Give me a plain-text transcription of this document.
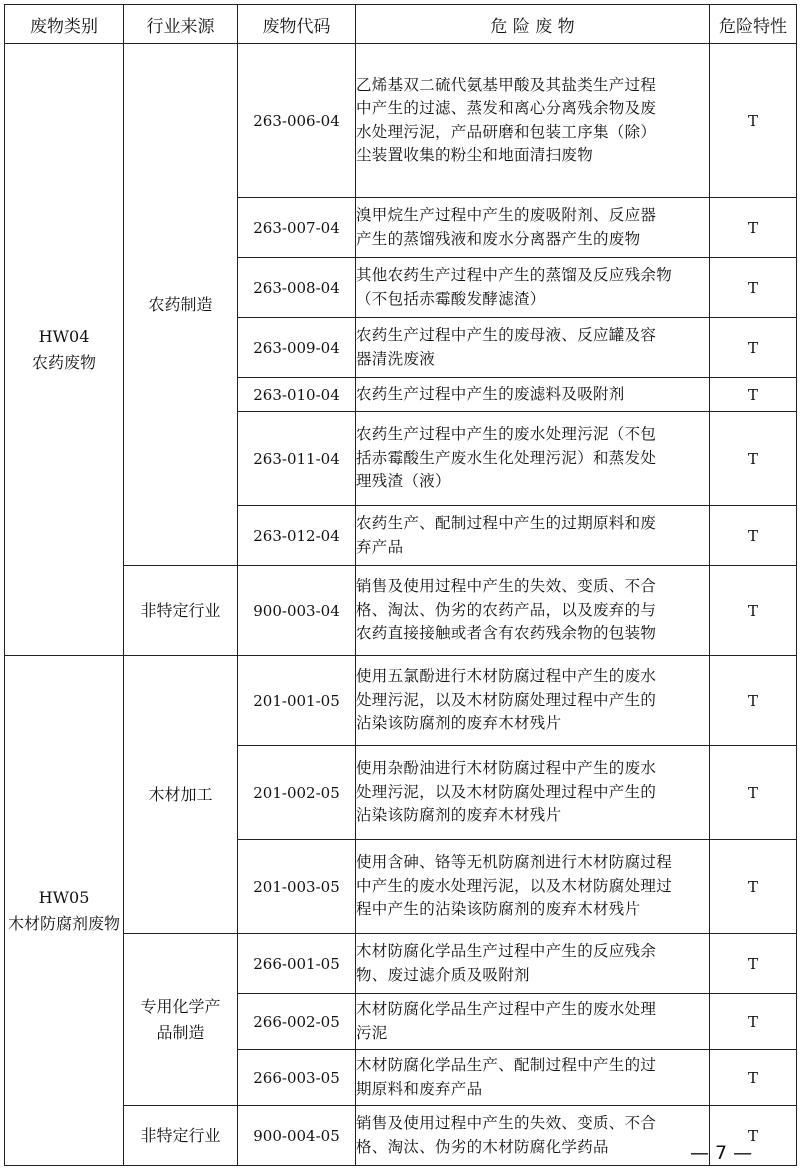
废物类别	行业来源	废物代码	危 险 废 物	危险特性

HW04
农药废物	农药制造	263-006-04	乙烯基双二硫代氨基甲酸及其盐类生产过程
中产生的过滤、蒸发和离心分离残余物及废
水处理污泥，产品研磨和包装工序集（除）
尘装置收集的粉尘和地面清扫废物	T
		263-007-04	溴甲烷生产过程中产生的废吸附剂、反应器
产生的蒸馏残液和废水分离器产生的废物	T
		263-008-04	其他农药生产过程中产生的蒸馏及反应残余物
（不包括赤霉酸发酵滤渣）	T
		263-009-04	农药生产过程中产生的废母液、反应罐及容
器清洗废液	T
		263-010-04	农药生产过程中产生的废滤料及吸附剂	T
		263-011-04	农药生产过程中产生的废水处理污泥（不包
括赤霉酸生产废水生化处理污泥）和蒸发处
理残渣（液）	T
		263-012-04	农药生产、配制过程中产生的过期原料和废
弃产品	T

	非特定行业	900-003-04	销售及使用过程中产生的失效、变质、不合
格、淘汰、伪劣的农药产品，以及废弃的与
农药直接接触或者含有农药残余物的包装物	T

HW05
木材防腐剂废物	木材加工	201-001-05	使用五氯酚进行木材防腐过程中产生的废水
处理污泥，以及木材防腐处理过程中产生的
沾染该防腐剂的废弃木材残片	T
		201-002-05	使用杂酚油进行木材防腐过程中产生的废水
处理污泥，以及木材防腐处理过程中产生的
沾染该防腐剂的废弃木材残片	T
		201-003-05	使用含砷、铬等无机防腐剂进行木材防腐过程
中产生的废水处理污泥，以及木材防腐处理过
程中产生的沾染该防腐剂的废弃木材残片	T

	专用化学产
品制造	266-001-05	木材防腐化学品生产过程中产生的反应残余
物、废过滤介质及吸附剂	T
		266-002-05	木材防腐化学品生产过程中产生的废水处理
污泥	T
		266-003-05	木材防腐化学品生产、配制过程中产生的过
期原料和废弃产品	T

	非特定行业	900-004-05	销售及使用过程中产生的失效、变质、不合
格、淘汰、伪劣的木材防腐化学药品	T
— 7 —
